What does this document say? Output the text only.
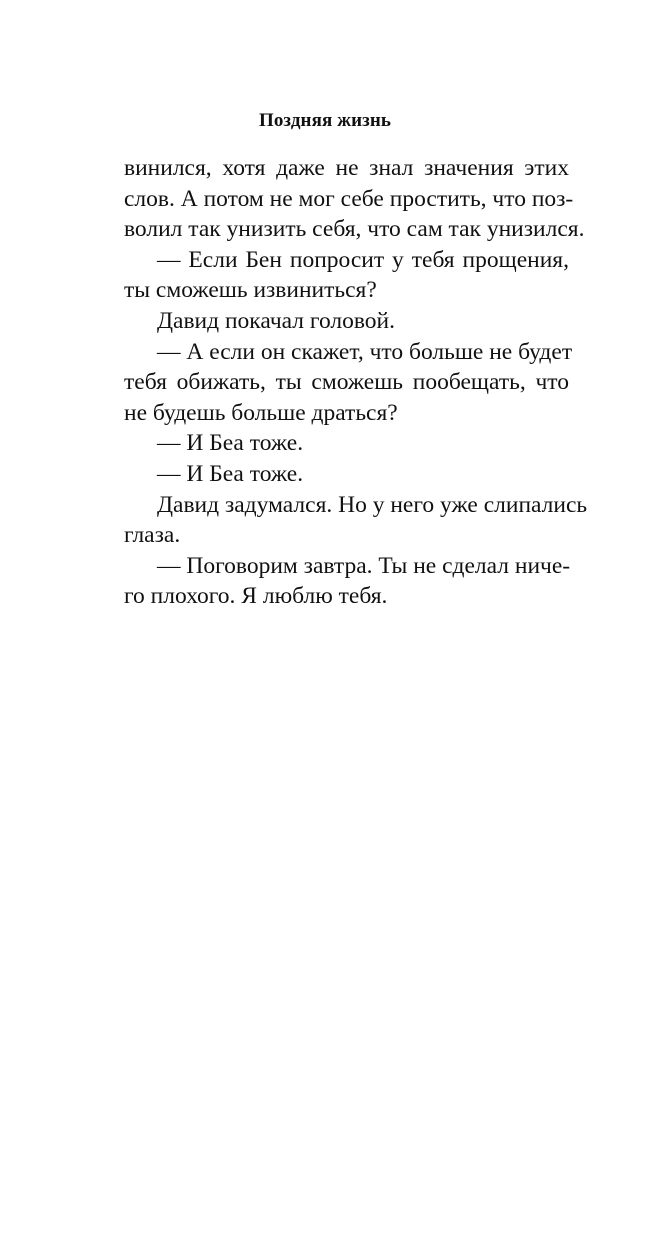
Поздняя жизнь
винился, хотя даже не знал значения этих
слов. А потом не мог себе простить, что поз-
волил так унизить себя, что сам так унизился.
— Если Бен попросит у тебя прощения,
ты сможешь извиниться?
Давид покачал головой.
— А если он скажет, что больше не будет
тебя обижать, ты сможешь пообещать, что
не будешь больше драться?
— И Беа тоже.
— И Беа тоже.
Давид задумался. Но у него уже слипались
глаза.
— Поговорим завтра. Ты не сделал ниче-
го плохого. Я люблю тебя.
